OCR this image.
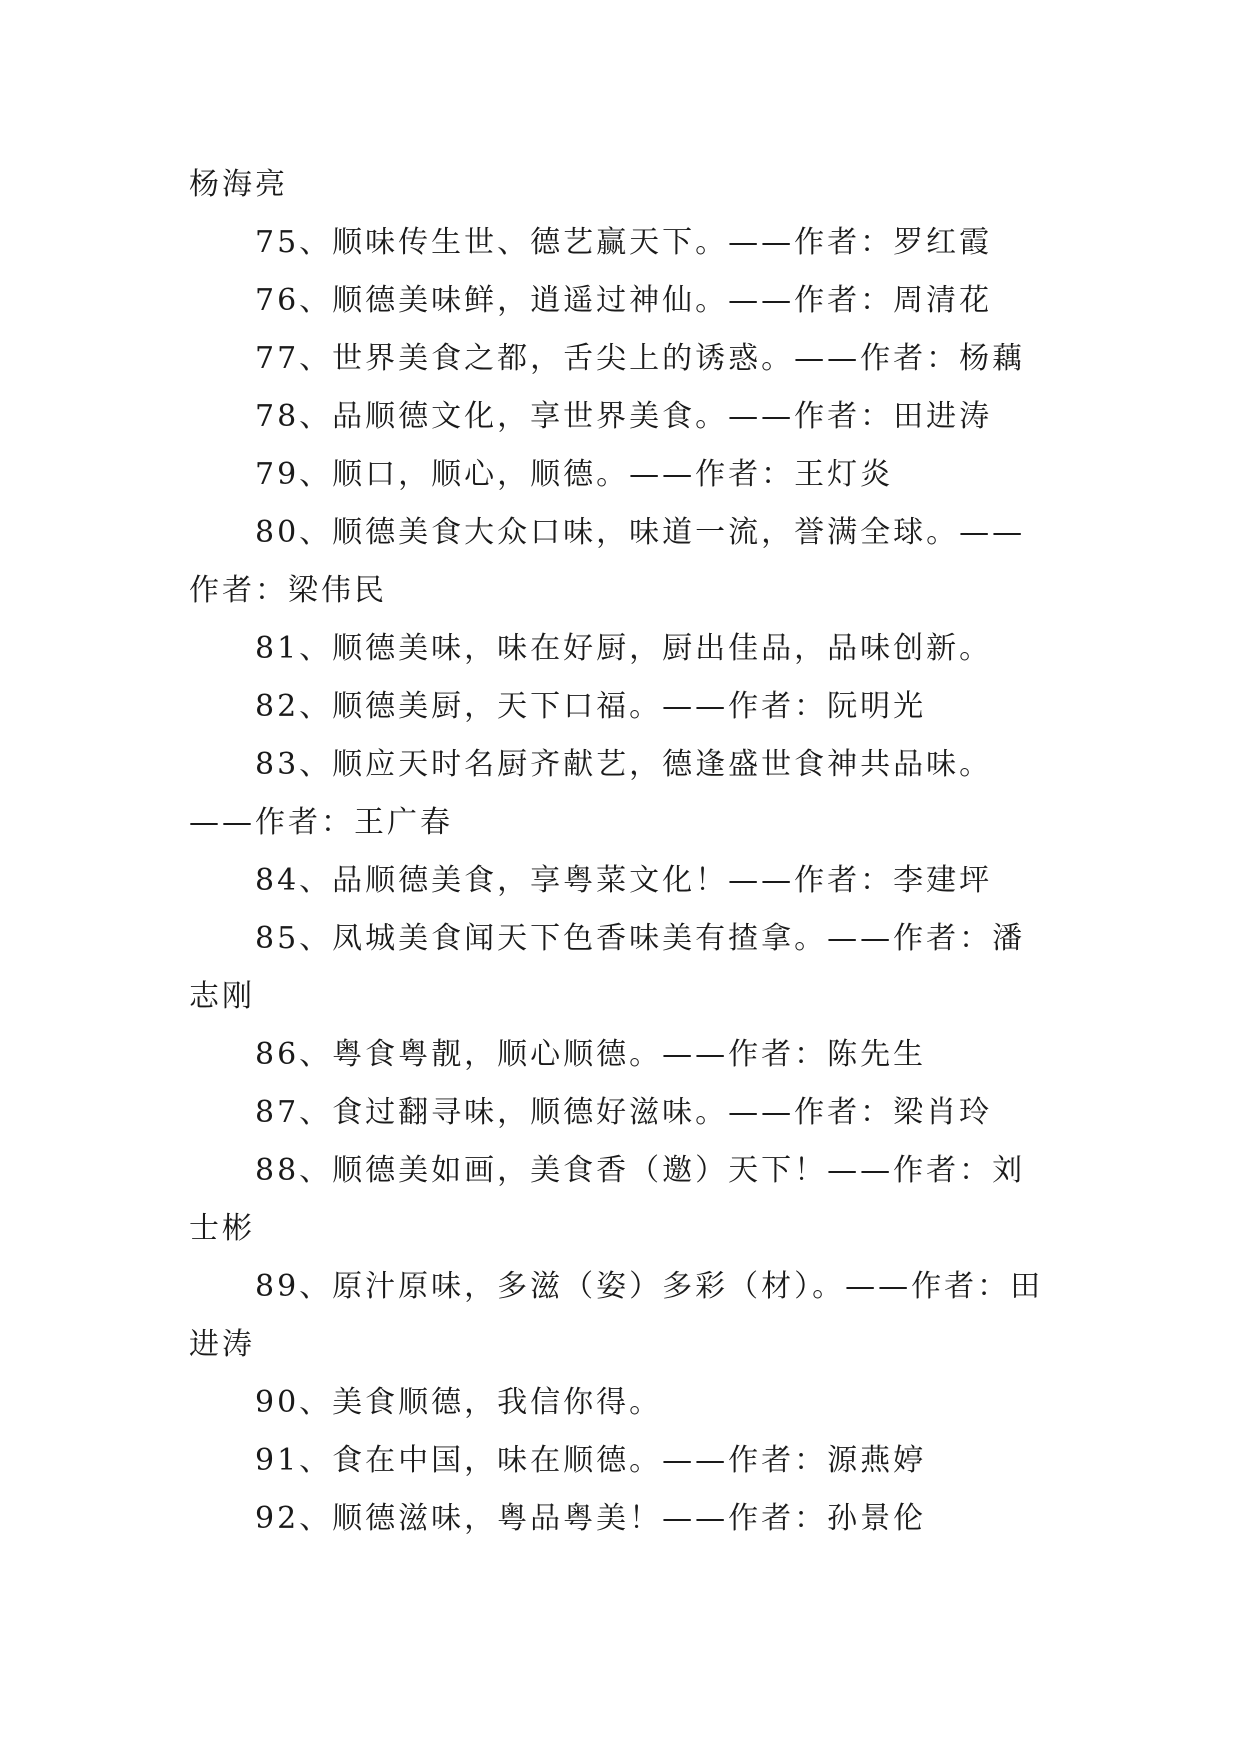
杨海亮

75、顺味传生世、德艺赢天下。——作者：罗红霞

76、顺德美味鲜，逍遥过神仙。——作者：周清花

77、世界美食之都，舌尖上的诱惑。——作者：杨藕

78、品顺德文化，享世界美食。——作者：田进涛

79、顺口，顺心，顺德。——作者：王灯炎

80、顺德美食大众口味，味道一流，誉满全球。——作者：梁伟民

81、顺德美味，味在好厨，厨出佳品，品味创新。

82、顺德美厨，天下口福。——作者：阮明光

83、顺应天时名厨齐献艺，德逢盛世食神共品味。——作者：王广春

84、品顺德美食，享粤菜文化！——作者：李建坪

85、凤城美食闻天下色香味美有揸拿。——作者：潘志刚

86、粤食粤靓，顺心顺德。——作者：陈先生

87、食过翻寻味，顺德好滋味。——作者：梁肖玲

88、顺德美如画，美食香（邀）天下！——作者：刘士彬

89、原汁原味，多滋（姿）多彩（材）。——作者：田进涛

90、美食顺德，我信你得。

91、食在中国，味在顺德。——作者：源燕婷

92、顺德滋味，粤品粤美！——作者：孙景伦
